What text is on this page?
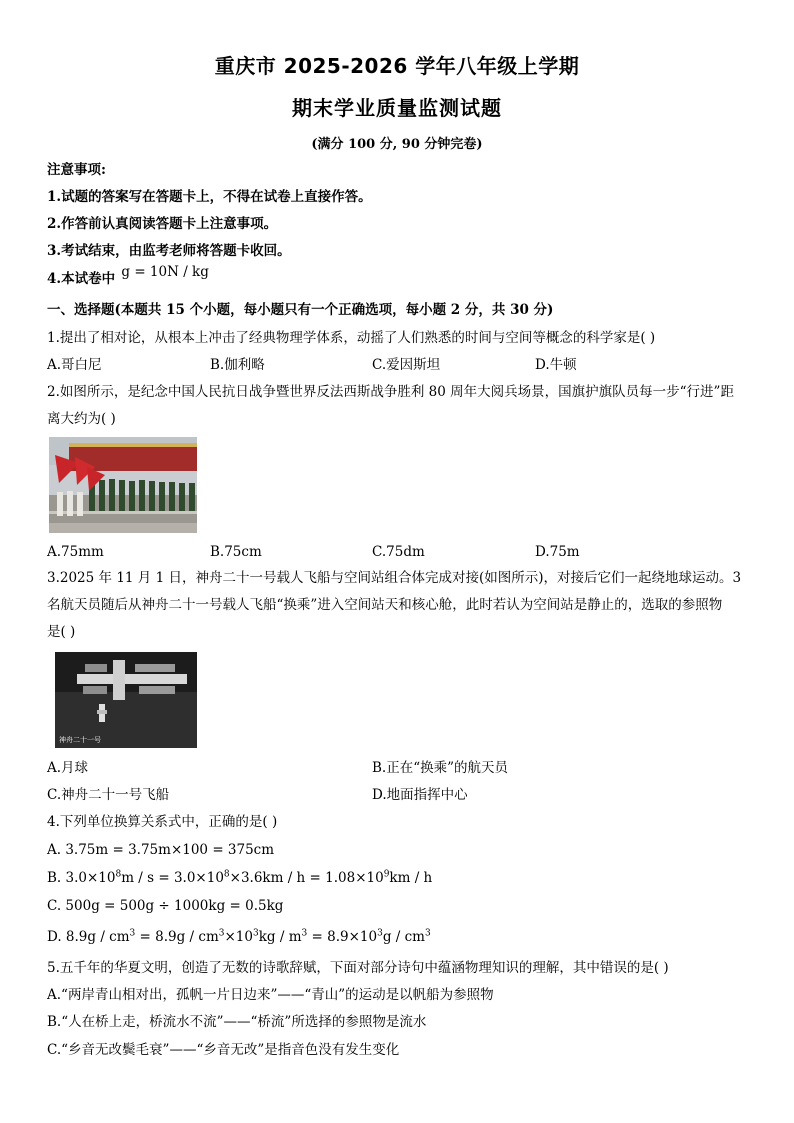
重庆市 2025-2026 学年八年级上学期
期末学业质量监测试题
(满分 100 分, 90 分钟完卷)
注意事项:
1.试题的答案写在答题卡上，不得在试卷上直接作答。
2.作答前认真阅读答题卡上注意事项。
3.考试结束，由监考老师将答题卡收回。
4.本试卷中 g = 10N / kg
一、选择题(本题共 15 个小题，每小题只有一个正确选项，每小题 2 分，共 30 分)
1.提出了相对论，从根本上冲击了经典物理学体系，动摇了人们熟悉的时间与空间等概念的科学家是( )
A.哥白尼	B.伽利略	C.爱因斯坦	D.牛顿
2.如图所示，是纪念中国人民抗日战争暨世界反法西斯战争胜利 80 周年大阅兵场景，国旗护旗队员每一步“行进”距
离大约为( )
A.75mm	B.75cm	C.75dm	D.75m
3.2025 年 11 月 1 日，神舟二十一号载人飞船与空间站组合体完成对接(如图所示)，对接后它们一起绕地球运动。3
名航天员随后从神舟二十一号载人飞船“换乘”进入空间站天和核心舱，此时若认为空间站是静止的，选取的参照物
是( )
神舟二十一号
A.月球	B.正在“换乘”的航天员
C.神舟二十一号飞船	D.地面指挥中心
4.下列单位换算关系式中，正确的是( )
A. 3.75m = 3.75m×100 = 375cm
B. $3.0\times 10^8m / s = 3.0\times 10^8\times 3.6km / h = 1.08\times 10^9km / h$
C. 500g = 500g ÷ 1000kg = 0.5kg
D. $8.9g / cm^3 = 8.9g / cm^3\times 10^3kg / m^3 = 8.9\times 10^3g / cm^3$
5.五千年的华夏文明，创造了无数的诗歌辞赋，下面对部分诗句中蕴涵物理知识的理解，其中错误的是( )
A.“两岸青山相对出，孤帆一片日边来”——“青山”的运动是以帆船为参照物
B.“人在桥上走，桥流水不流”——“桥流”所选择的参照物是流水
C.“乡音无改鬓毛衰”——“乡音无改”是指音色没有发生变化
